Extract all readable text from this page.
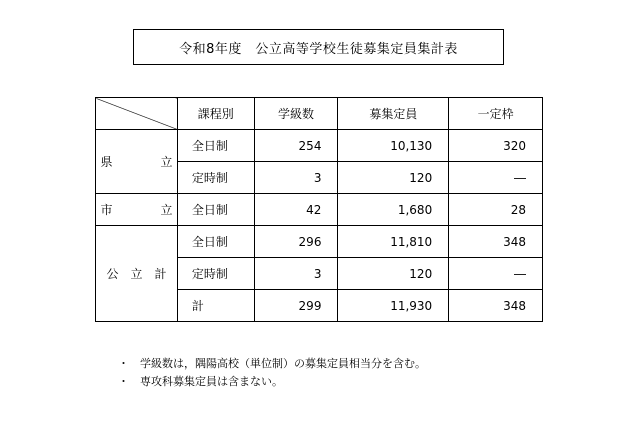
令和8年度　公立高等学校生徒募集定員集計表
	課程別	学級数	募集定員	一定枠
県　　　　立	全日制	254	10,130	320
	定時制	3	120	―
市　　　　立	全日制	42	1,680	28
公　立　計	全日制	296	11,810	348
	定時制	3	120	―
	計	299	11,930	348
・	学級数は，隅陽高校（単位制）の募集定員相当分を含む。
・	専攻科募集定員は含まない。
